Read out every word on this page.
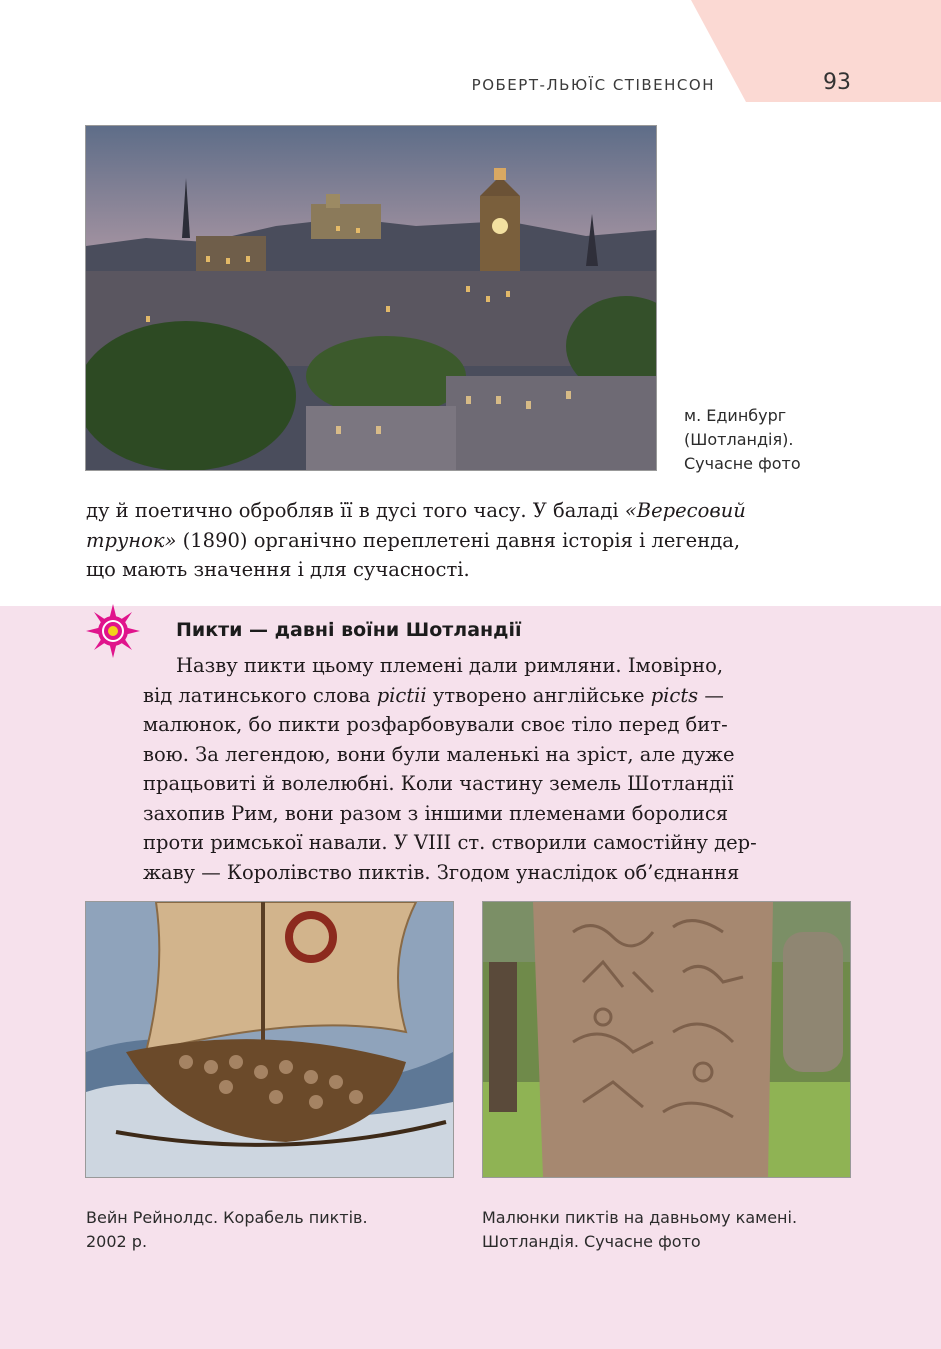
РОБЕРТ-ЛЬЮЇС СТІВЕНСОН	93
м. Единбург
(Шотландія).
Сучасне фото
ду й поетично обробляв її в дусі того часу. У баладі «Вересовий
трунок» (1890) органічно переплетені давня історія і легенда,
що мають значення і для сучасності.
Пикти — давні воїни Шотландії
Назву пикти цьому племені дали римляни. Імовірно,
від латинського слова pictii утворено англійське picts —
малюнок, бо пикти розфарбовували своє тіло перед бит-
вою. За легендою, вони були маленькі на зріст, але дуже
працьовиті й волелюбні. Коли частину земель Шотландії
захопив Рим, вони разом з іншими племенами боролися
проти римської навали. У VIII ст. створили самостійну дер-
жаву — Королівство пиктів. Згодом унаслідок об’єднання
Вейн Рейнолдс. Корабель пиктів.
2002 р.
Малюнки пиктів на давньому камені.
Шотландія. Сучасне фото
